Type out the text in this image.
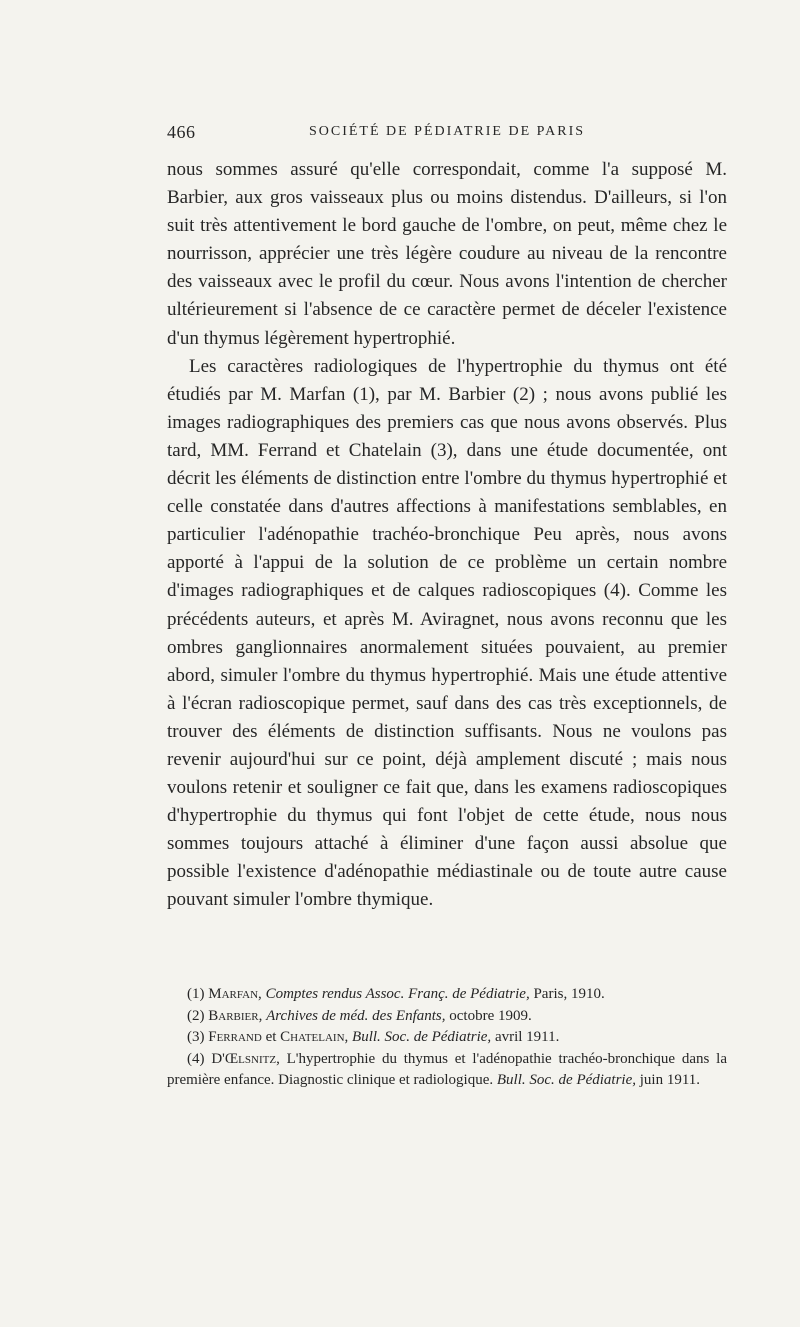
466	SOCIÉTÉ DE PÉDIATRIE DE PARIS

nous sommes assuré qu'elle correspondait, comme l'a supposé M. Barbier, aux gros vaisseaux plus ou moins distendus. D'ailleurs, si l'on suit très attentivement le bord gauche de l'ombre, on peut, même chez le nourrisson, apprécier une très légère coudure au niveau de la rencontre des vaisseaux avec le profil du cœur. Nous avons l'intention de chercher ultérieurement si l'absence de ce caractère permet de déceler l'existence d'un thymus légèrement hypertrophié.

Les caractères radiologiques de l'hypertrophie du thymus ont été étudiés par M. Marfan (1), par M. Barbier (2) ; nous avons publié les images radiographiques des premiers cas que nous avons observés. Plus tard, MM. Ferrand et Chatelain (3), dans une étude documentée, ont décrit les éléments de distinction entre l'ombre du thymus hypertrophié et celle constatée dans d'autres affections à manifestations semblables, en particulier l'adénopathie trachéo-bronchique Peu après, nous avons apporté à l'appui de la solution de ce problème un certain nombre d'images radiographiques et de calques radioscopiques (4). Comme les précédents auteurs, et après M. Aviragnet, nous avons reconnu que les ombres ganglionnaires anormalement situées pouvaient, au premier abord, simuler l'ombre du thymus hypertrophié. Mais une étude attentive à l'écran radioscopique permet, sauf dans des cas très exceptionnels, de trouver des éléments de distinction suffisants. Nous ne voulons pas revenir aujourd'hui sur ce point, déjà amplement discuté ; mais nous voulons retenir et souligner ce fait que, dans les examens radioscopiques d'hypertrophie du thymus qui font l'objet de cette étude, nous nous sommes toujours attaché à éliminer d'une façon aussi absolue que possible l'existence d'adénopathie médiastinale ou de toute autre cause pouvant simuler l'ombre thymique.

(1) Marfan, Comptes rendus Assoc. Franç. de Pédiatrie, Paris, 1910.

(2) Barbier, Archives de méd. des Enfants, octobre 1909.

(3) Ferrand et Chatelain, Bull. Soc. de Pédiatrie, avril 1911.

(4) D'Œlsnitz, L'hypertrophie du thymus et l'adénopathie trachéo-bronchique dans la première enfance. Diagnostic clinique et radiologique. Bull. Soc. de Pédiatrie, juin 1911.
